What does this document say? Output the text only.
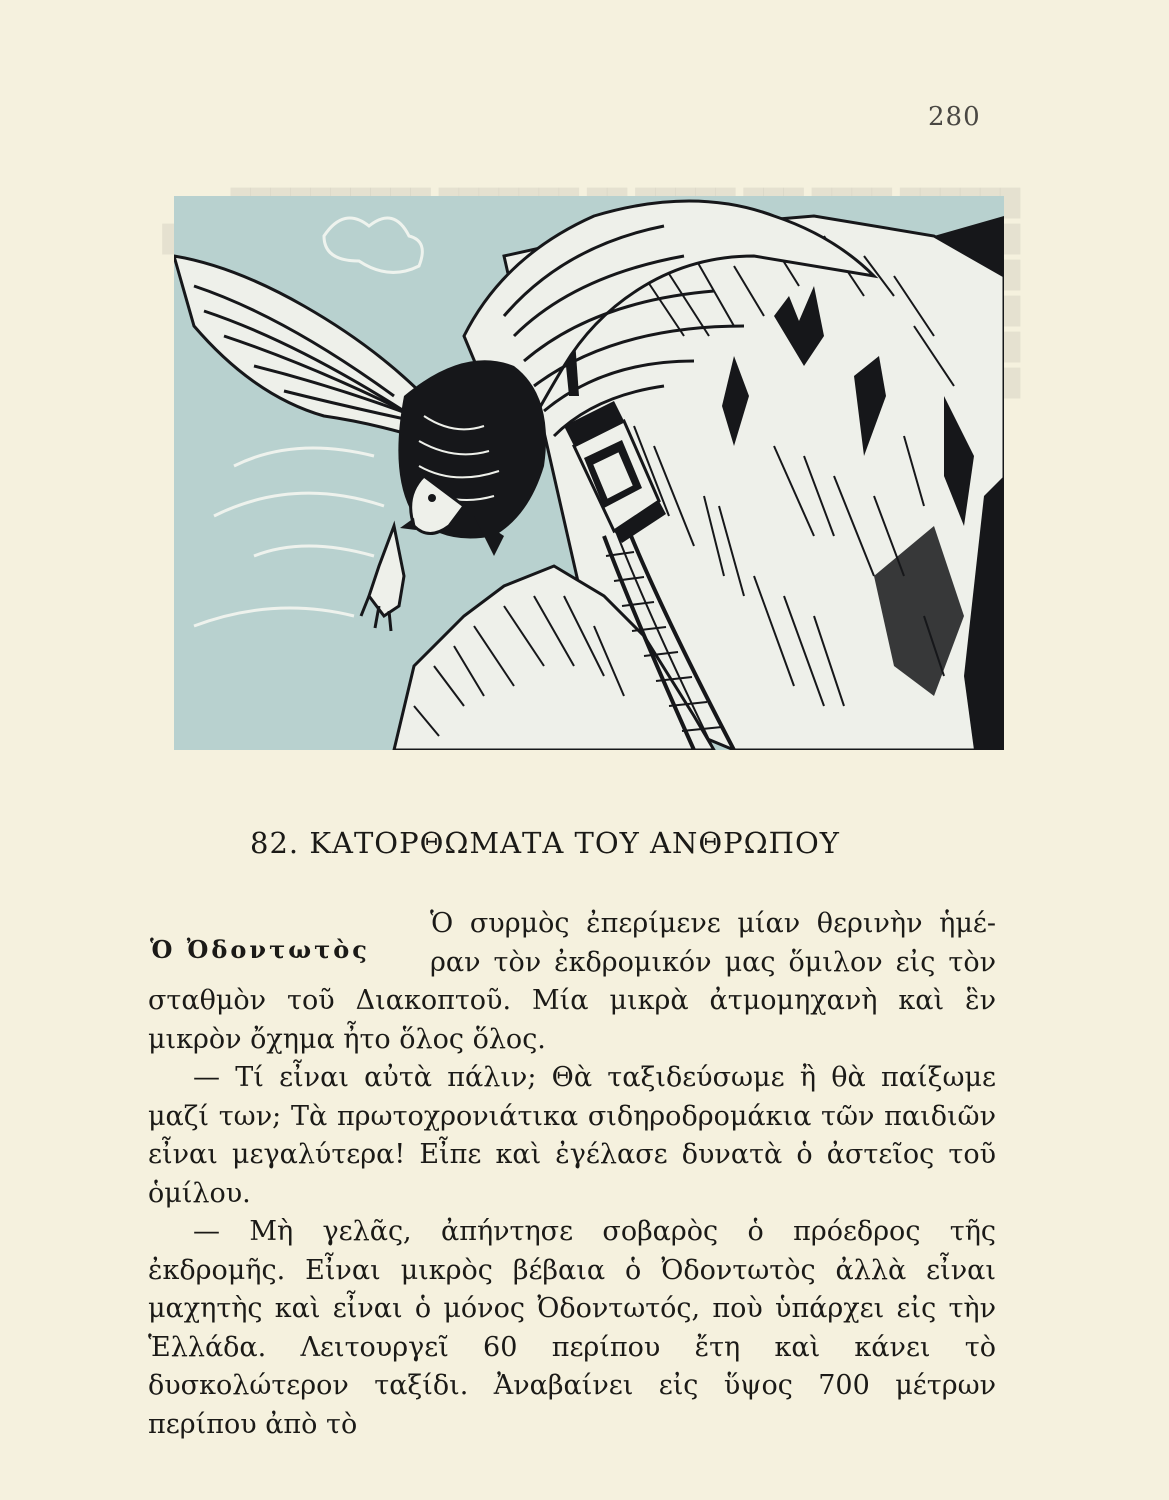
280
82. ΚΑΤΟΡΘΩΜΑΤΑ ΤΟΥ ΑΝΘΡΩΠΟΥ
Ὁ Ὀδοντωτὸς

Ὁ συρμὸς ἐπερίμενε μίαν θερινὴν ἡμέ-

ραν τὸν ἐκδρομικόν μας ὅμιλον εἰς τὸν σταθμὸν τοῦ Διακοπτοῦ. Μία μικρὰ ἀτμομηχανὴ καὶ ἓν μικρὸν ὄχημα ἦτο ὅλος ὅλος.

— Τί εἶναι αὐτὰ πάλιν; Θὰ ταξιδεύσωμε ἢ θὰ παίξωμε μαζί των; Τὰ πρωτοχρονιάτικα σιδηροδρομάκια τῶν παιδιῶν εἶναι μεγαλύτερα! Εἶπε καὶ ἐγέλασε δυνατὰ ὁ ἀστεῖος τοῦ ὁμίλου.

— Μὴ γελᾶς, ἀπήντησε σοβαρὸς ὁ πρόεδρος τῆς ἐκδρομῆς. Εἶναι μικρὸς βέβαια ὁ Ὀδοντωτὸς ἀλλὰ εἶναι μαχητὴς καὶ εἶναι ὁ μόνος Ὀδοντωτός, ποὺ ὑπάρχει εἰς τὴν Ἑλλάδα. Λειτουργεῖ 60 περίπου ἔτη καὶ κάνει τὸ δυσκολώτερον ταξίδι. Ἀναβαίνει εἰς ὕψος 700 μέτρων περίπου ἀπὸ τὸ
